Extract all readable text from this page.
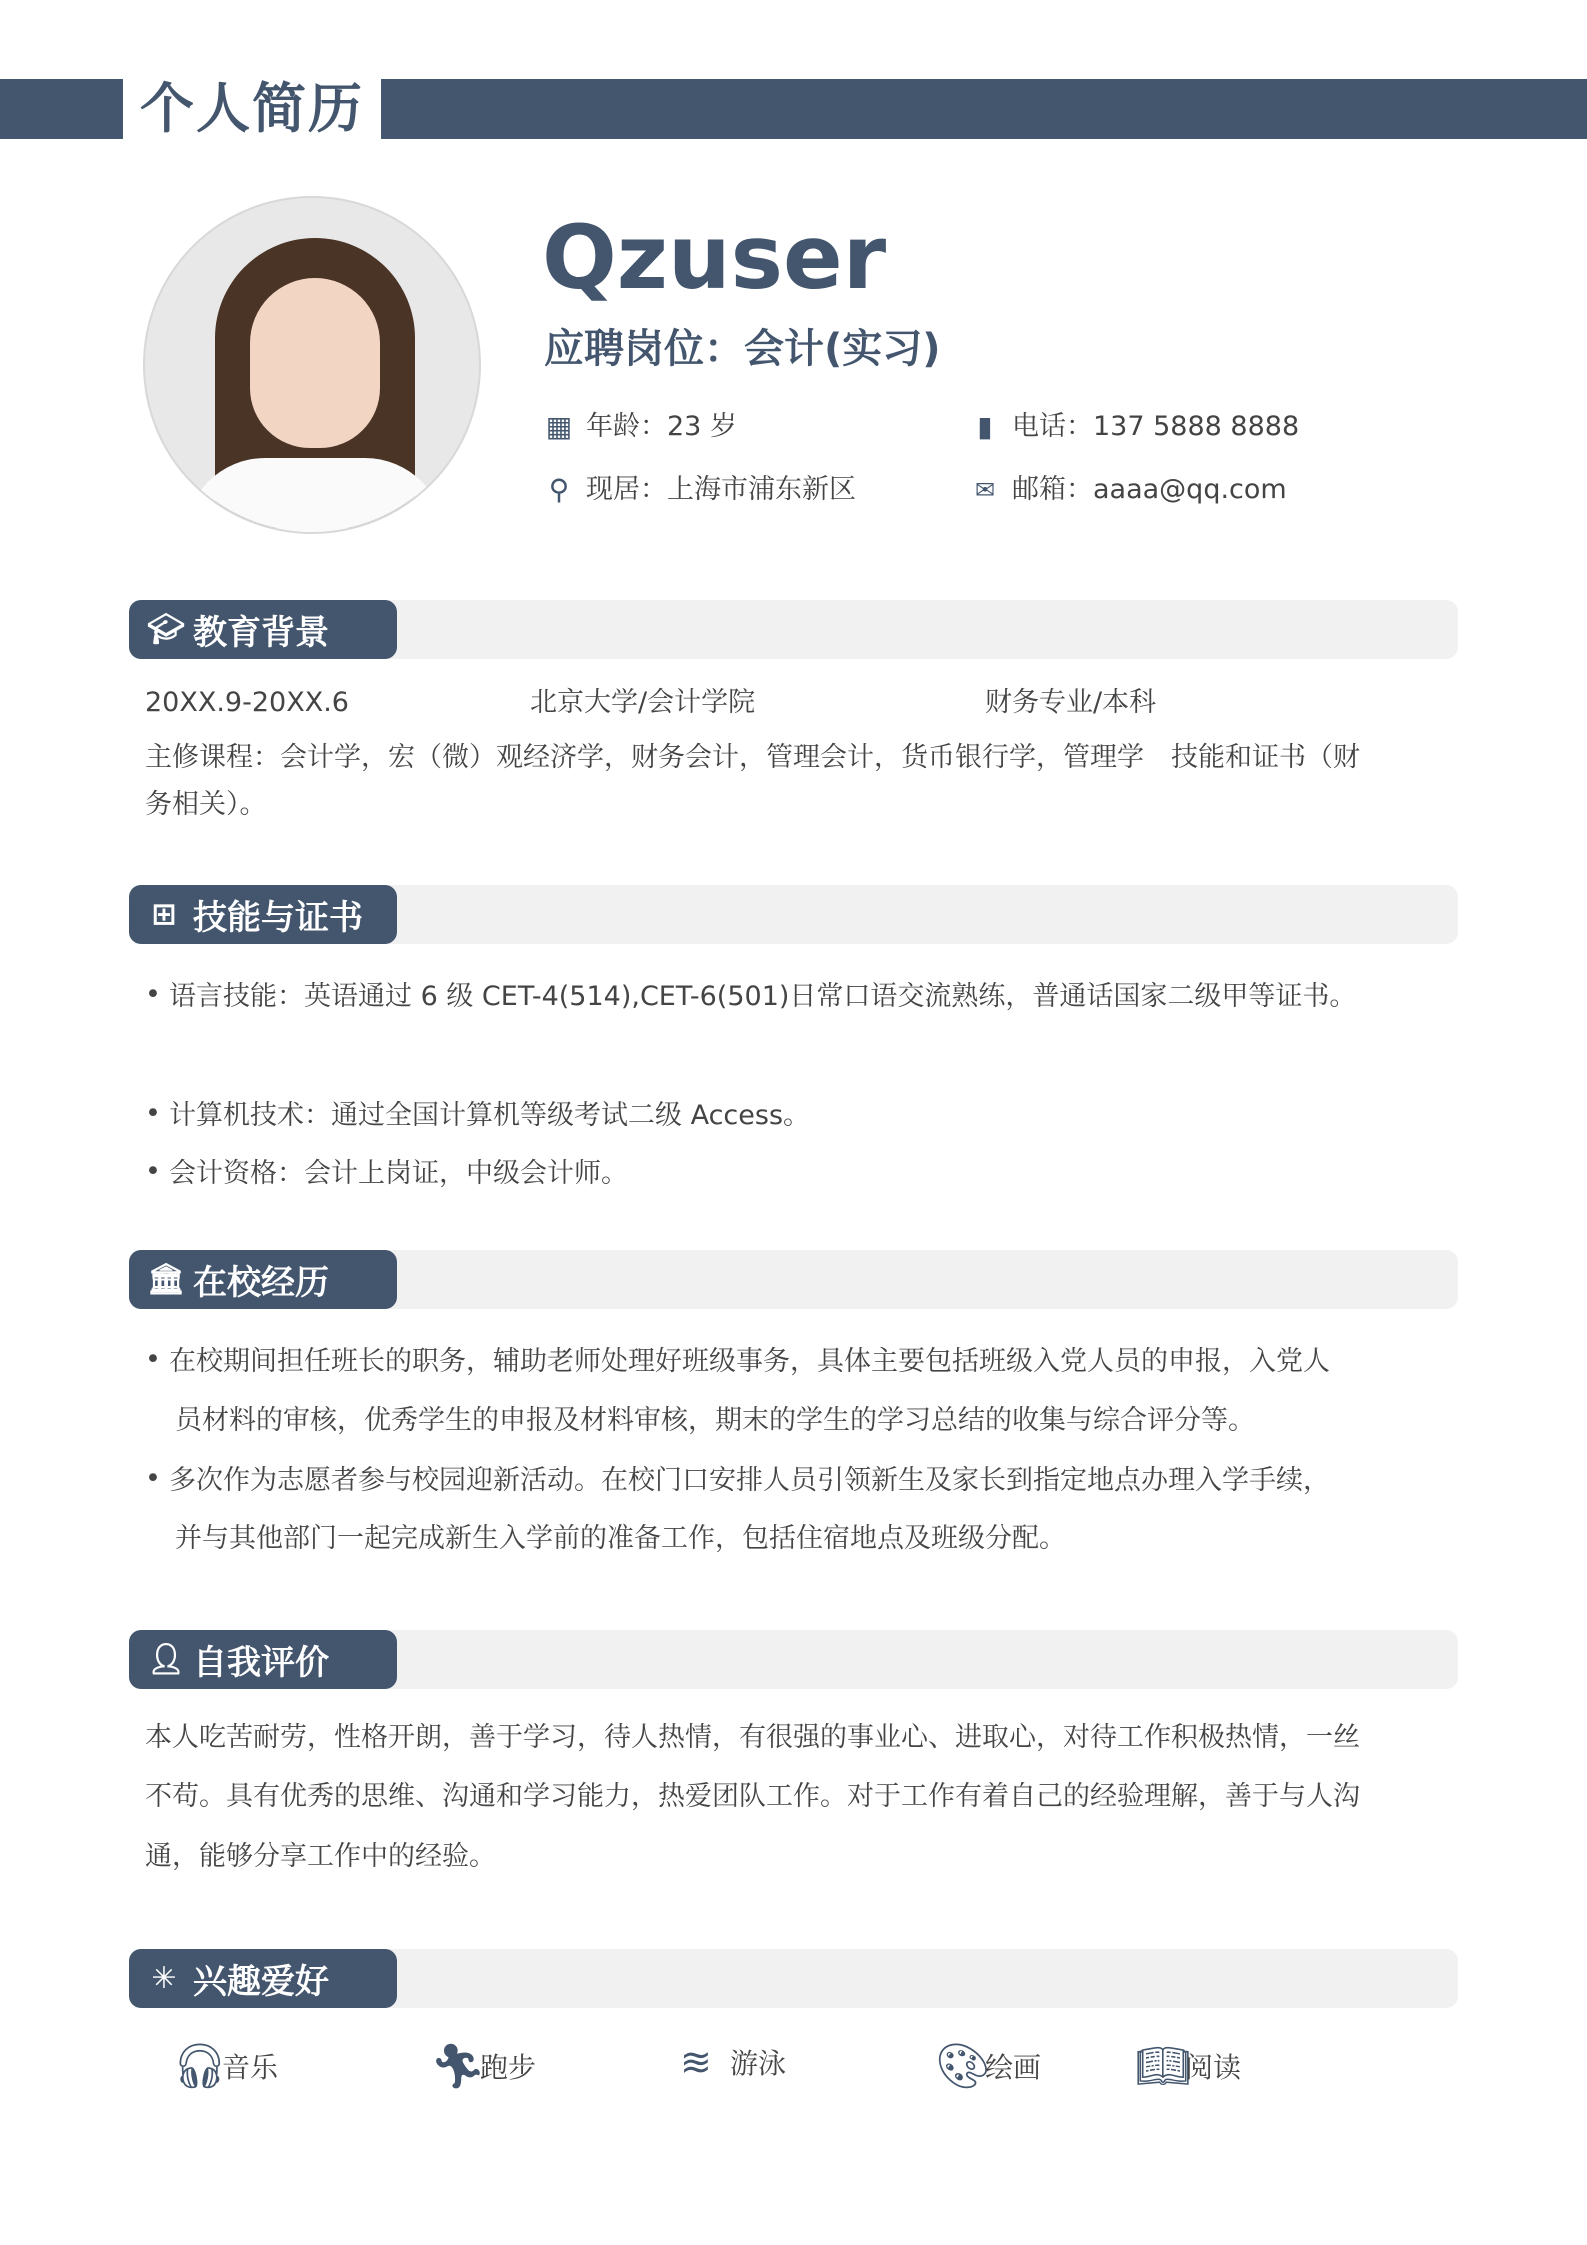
个人简历
Qzuser
应聘岗位：会计(实习)
▦ 年龄：23 岁	▮ 电话：137 5888 8888
⚲ 现居：上海市浦东新区	✉ 邮箱：aaaa@qq.com
🎓︎ 教育背景
20XX.9-20XX.6	北京大学/会计学院	财务专业/本科
主修课程：会计学，宏（微）观经济学，财务会计，管理会计，货币银行学，管理学　技能和证书（财
务相关）。
⊞ 技能与证书
• 语言技能：英语通过 6 级 CET-4(514),CET-6(501)日常口语交流熟练，普通话国家二级甲等证书。
• 计算机技术：通过全国计算机等级考试二级 Access。
• 会计资格：会计上岗证，中级会计师。
🏛︎ 在校经历
• 在校期间担任班长的职务，辅助老师处理好班级事务，具体主要包括班级入党人员的申报，入党人
员材料的审核，优秀学生的申报及材料审核，期末的学生的学习总结的收集与综合评分等。
• 多次作为志愿者参与校园迎新活动。在校门口安排人员引领新生及家长到指定地点办理入学手续，
并与其他部门一起完成新生入学前的准备工作，包括住宿地点及班级分配。
👤︎ 自我评价
本人吃苦耐劳，性格开朗，善于学习，待人热情，有很强的事业心、进取心，对待工作积极热情，一丝
不苟。具有优秀的思维、沟通和学习能力，热爱团队工作。对于工作有着自己的经验理解，善于与人沟
通，能够分享工作中的经验。
✳︎ 兴趣爱好
🎧︎
音乐	🏃︎
跑步	≋ 游泳	🎨︎
绘画 📖︎
阅读
